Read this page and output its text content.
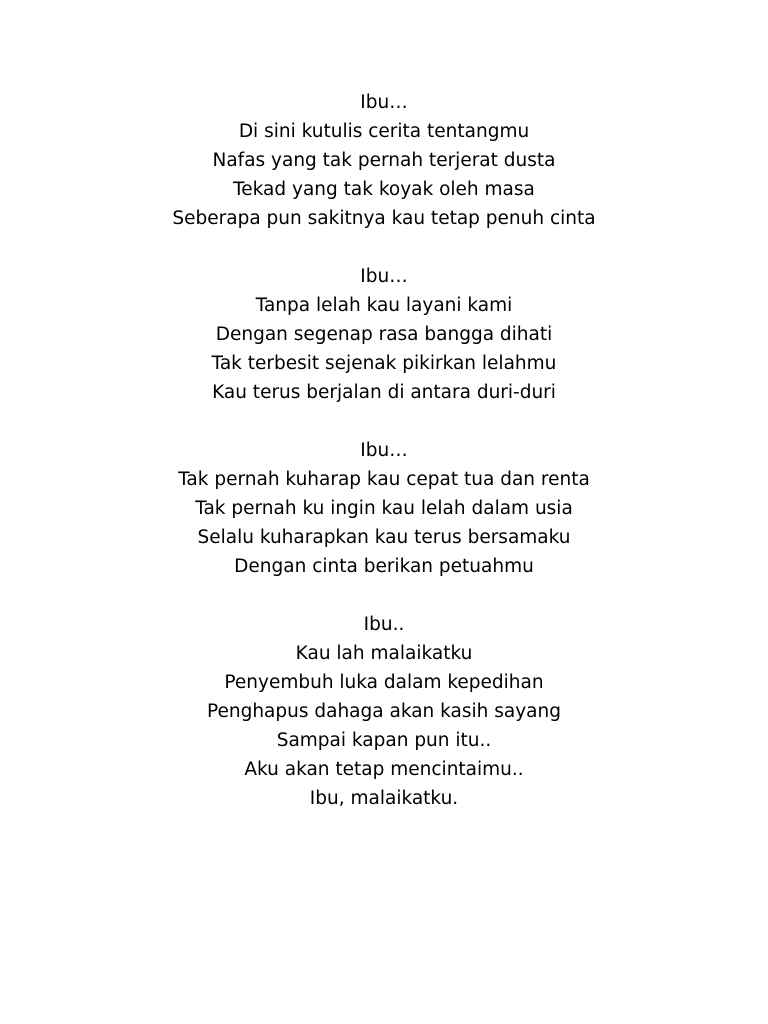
Ibu…
Di sini kutulis cerita tentangmu
Nafas yang tak pernah terjerat dusta
Tekad yang tak koyak oleh masa
Seberapa pun sakitnya kau tetap penuh cinta
Ibu…
Tanpa lelah kau layani kami
Dengan segenap rasa bangga dihati
Tak terbesit sejenak pikirkan lelahmu
Kau terus berjalan di antara duri-duri
Ibu…
Tak pernah kuharap kau cepat tua dan renta
Tak pernah ku ingin kau lelah dalam usia
Selalu kuharapkan kau terus bersamaku
Dengan cinta berikan petuahmu
Ibu..
Kau lah malaikatku
Penyembuh luka dalam kepedihan
Penghapus dahaga akan kasih sayang
Sampai kapan pun itu..
Aku akan tetap mencintaimu..
Ibu, malaikatku.
